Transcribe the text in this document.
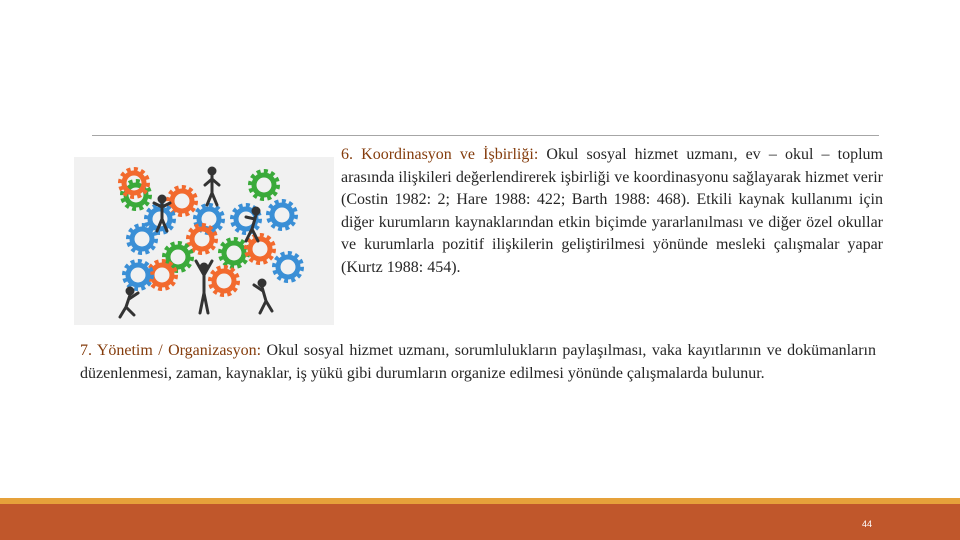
6. Koordinasyon ve İşbirliği: Okul sosyal hizmet uzmanı, ev – okul – toplum arasında ilişkileri değerlendirerek işbirliği ve koordinasyonu sağlayarak hizmet verir (Costin 1982: 2; Hare 1988: 422; Barth 1988: 468). Etkili kaynak kullanımı için diğer kurumların kaynaklarından etkin biçimde yararlanılması ve diğer özel okullar ve kurumlarla pozitif ilişkilerin geliştirilmesi yönünde mesleki çalışmalar yapar (Kurtz 1988: 454).

7. Yönetim / Organizasyon: Okul sosyal hizmet uzmanı, sorumlulukların paylaşılması, vaka kayıtlarının ve dokümanların düzenlenmesi, zaman, kaynaklar, iş yükü gibi durumların organize edilmesi yönünde çalışmalarda bulunur.

44
